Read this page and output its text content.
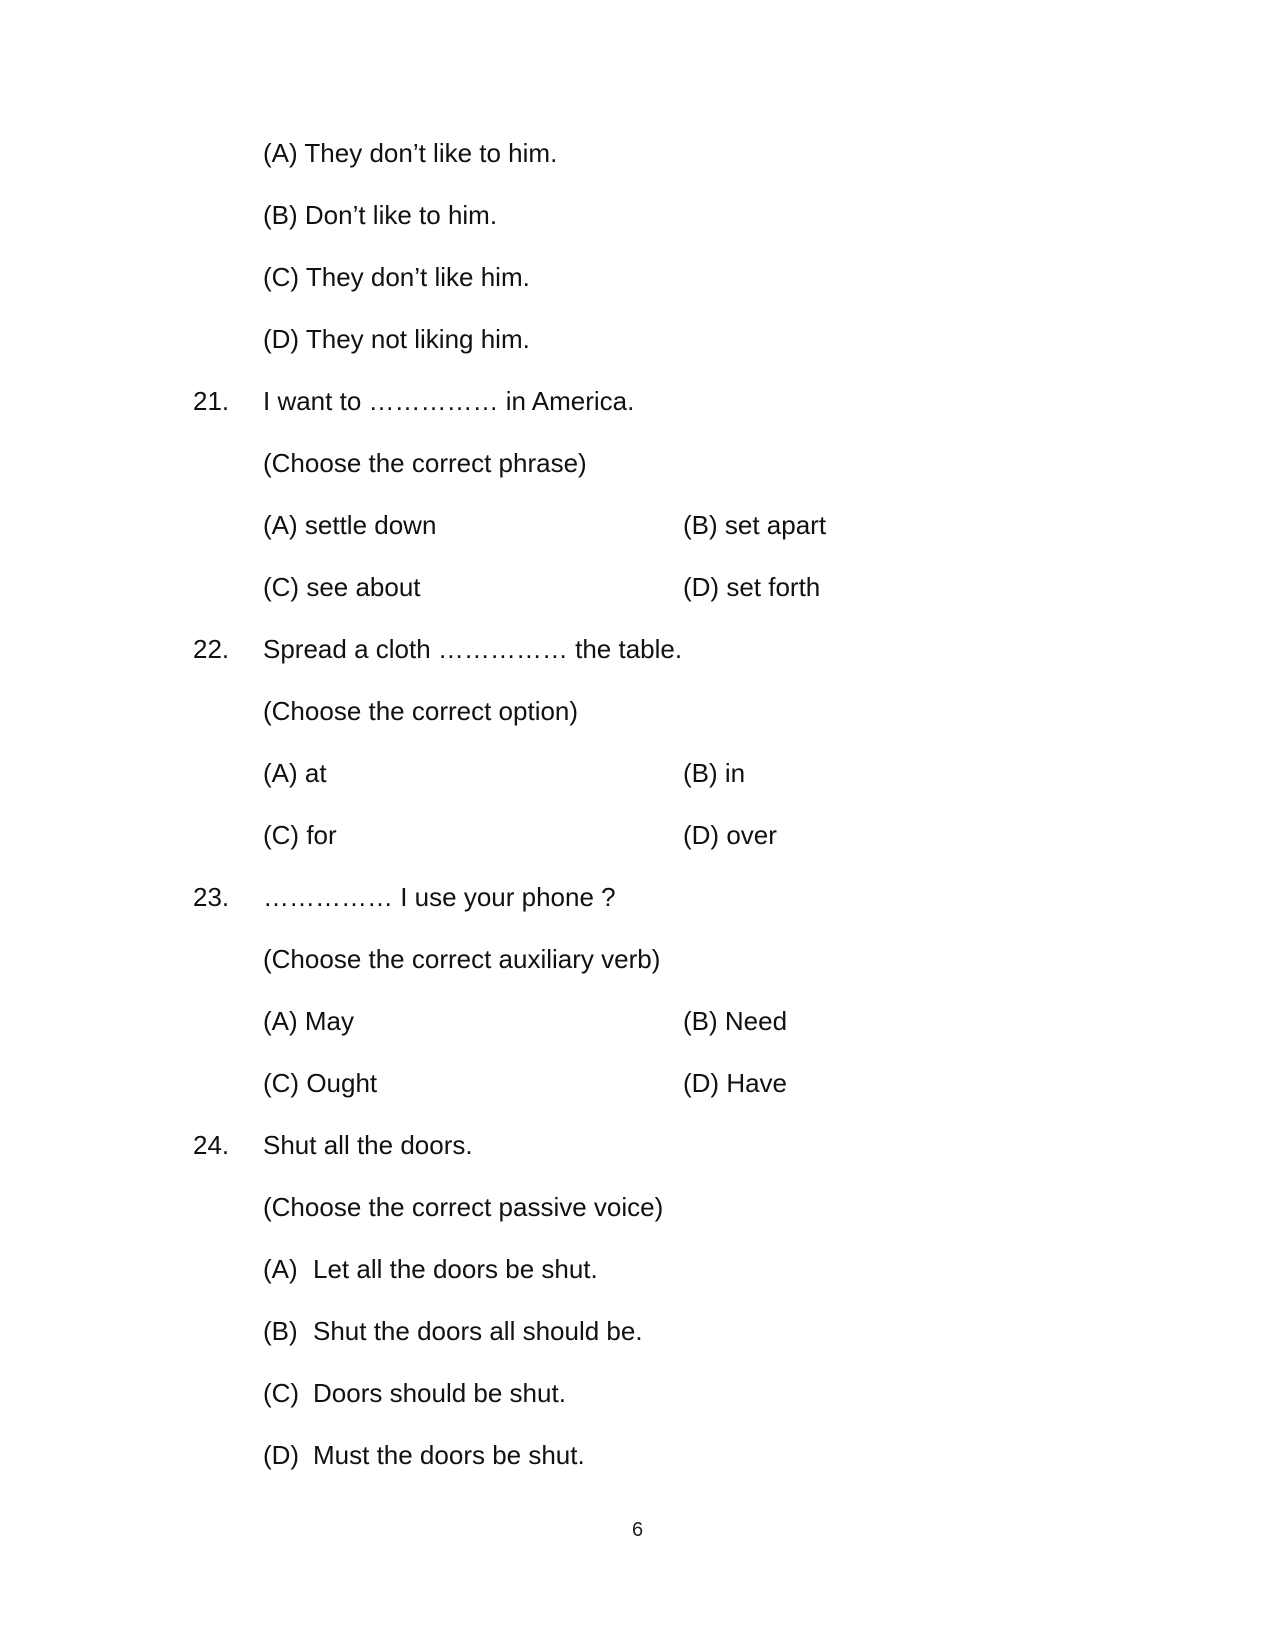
(A) They don’t like to him.
(B) Don’t like to him.
(C) They don’t like him.
(D) They not liking him.
21. I want to …………… in America.
(Choose the correct phrase)
(A) settle down	(B) set apart
(C) see about	(D) set forth
22. Spread a cloth …………… the table.
(Choose the correct option)
(A) at	(B) in
(C) for	(D) over
23. …………… I use your phone ?
(Choose the correct auxiliary verb)
(A) May	(B) Need
(C) Ought	(D) Have
24. Shut all the doors.
(Choose the correct passive voice)
(A) Let all the doors be shut.
(B) Shut the doors all should be.
(C) Doors should be shut.
(D) Must the doors be shut.
6
